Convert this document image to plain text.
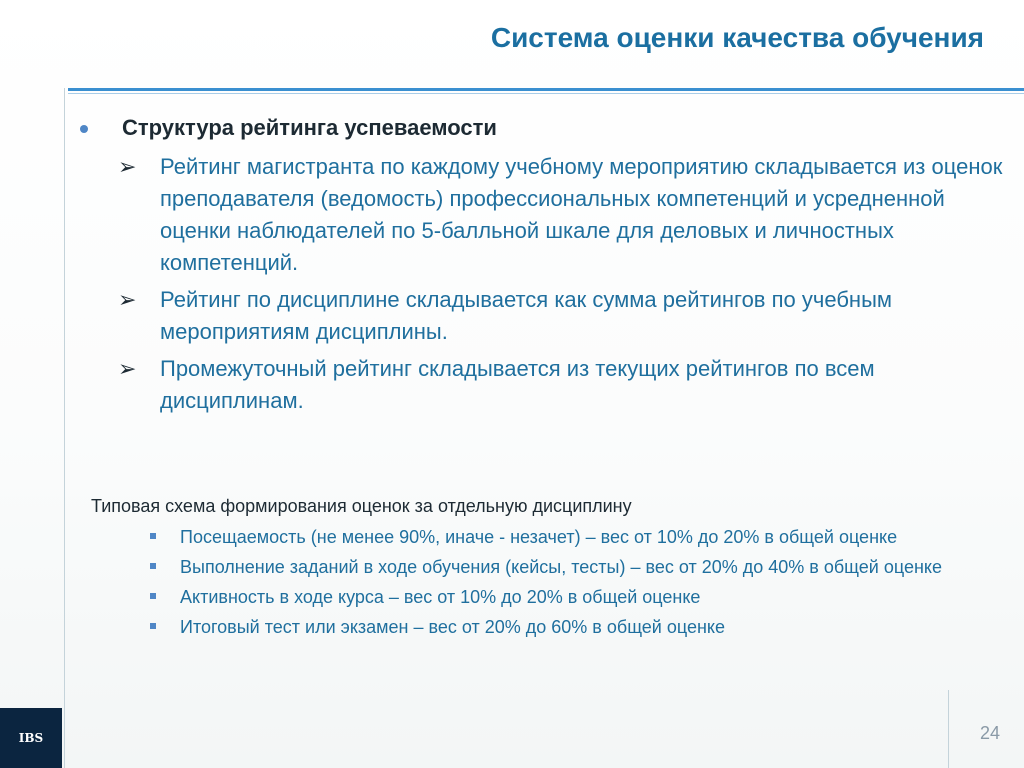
Система оценки качества обучения
Структура рейтинга успеваемости
➢	Рейтинг магистранта по каждому учебному мероприятию складывается из оценок преподавателя (ведомость) профессиональных компетенций и усредненной оценки наблюдателей по 5-балльной шкале для деловых и личностных компетенций.
➢	Рейтинг по дисциплине складывается как сумма рейтингов по учебным мероприятиям дисциплины.
➢	Промежуточный рейтинг складывается из текущих рейтингов по всем дисциплинам.
Типовая схема формирования оценок за отдельную дисциплину
Посещаемость (не менее 90%, иначе - незачет) – вес от 10% до 20% в общей оценке
Выполнение заданий в ходе обучения (кейсы, тесты) – вес от 20% до 40% в общей оценке
Активность в ходе курса – вес от 10% до 20% в общей оценке
Итоговый тест или экзамен – вес от 20% до 60% в общей оценке
IBS	24
